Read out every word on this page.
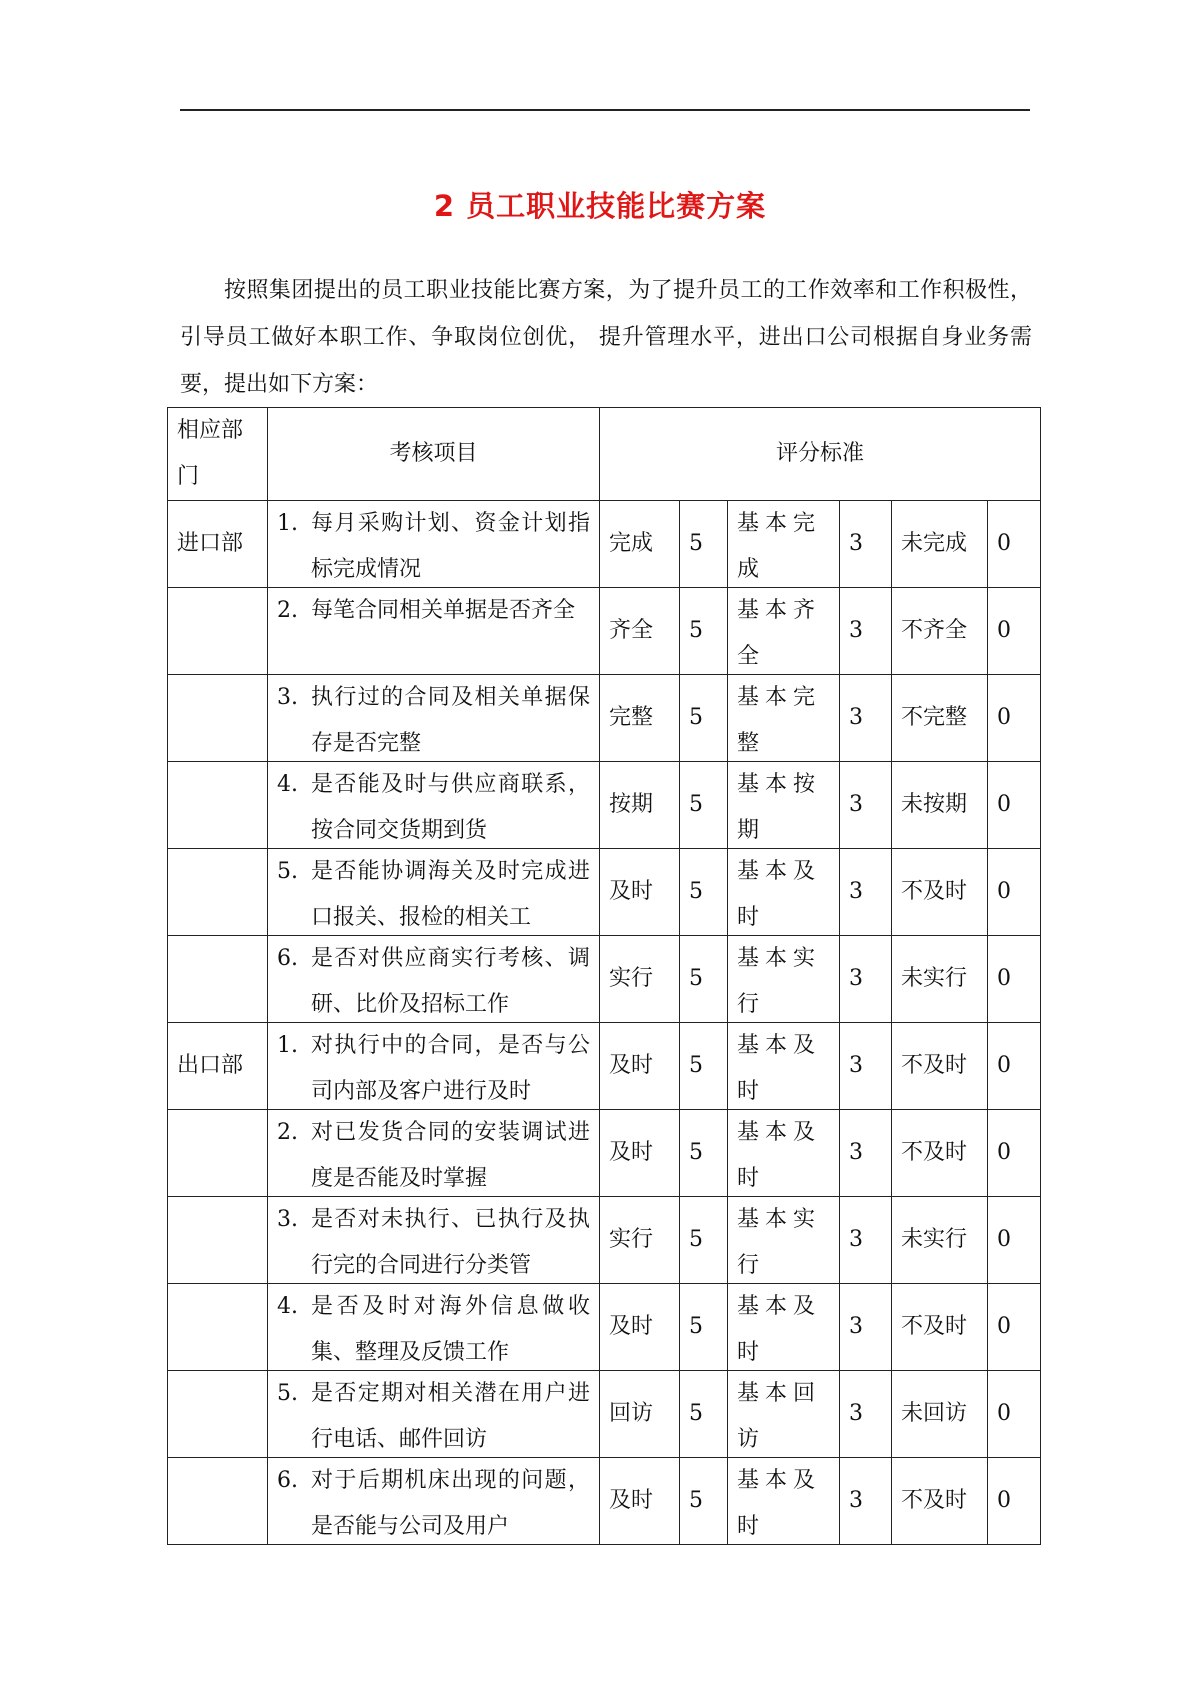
2 员工职业技能比赛方案

按照集团提出的员工职业技能比赛方案，为了提升员工的工作效率和工作积极性，引导员工做好本职工作、争取岗位创优， 提升管理水平，进出口公司根据自身业务需要，提出如下方案：

相应部门	考核项目	评分标准					
进口部	1. 每月采购计划、资金计划指标完成情况	完成	5	基本完成	3	未完成	0

	2. 每笔合同相关单据是否齐全	齐全	5	基本齐全	3	不齐全	0

	3. 执行过的合同及相关单据保存是否完整	完整	5	基本完整	3	不完整	0

	4. 是否能及时与供应商联系，按合同交货期到货	按期	5	基本按期	3	未按期	0

	5. 是否能协调海关及时完成进口报关、报检的相关工	及时	5	基本及时	3	不及时	0

	6. 是否对供应商实行考核、调研、比价及招标工作	实行	5	基本实行	3	未实行	0
出口部	1. 对执行中的合同，是否与公司内部及客户进行及时	及时	5	基本及时	3	不及时	0

	2. 对已发货合同的安装调试进度是否能及时掌握	及时	5	基本及时	3	不及时	0

	3. 是否对未执行、已执行及执行完的合同进行分类管	实行	5	基本实行	3	未实行	0

	4. 是否及时对海外信息做收集、整理及反馈工作	及时	5	基本及时	3	不及时	0

	5. 是否定期对相关潜在用户进行电话、邮件回访	回访	5	基本回访	3	未回访	0

	6. 对于后期机床出现的问题，是否能与公司及用户	及时	5	基本及时	3	不及时	0
